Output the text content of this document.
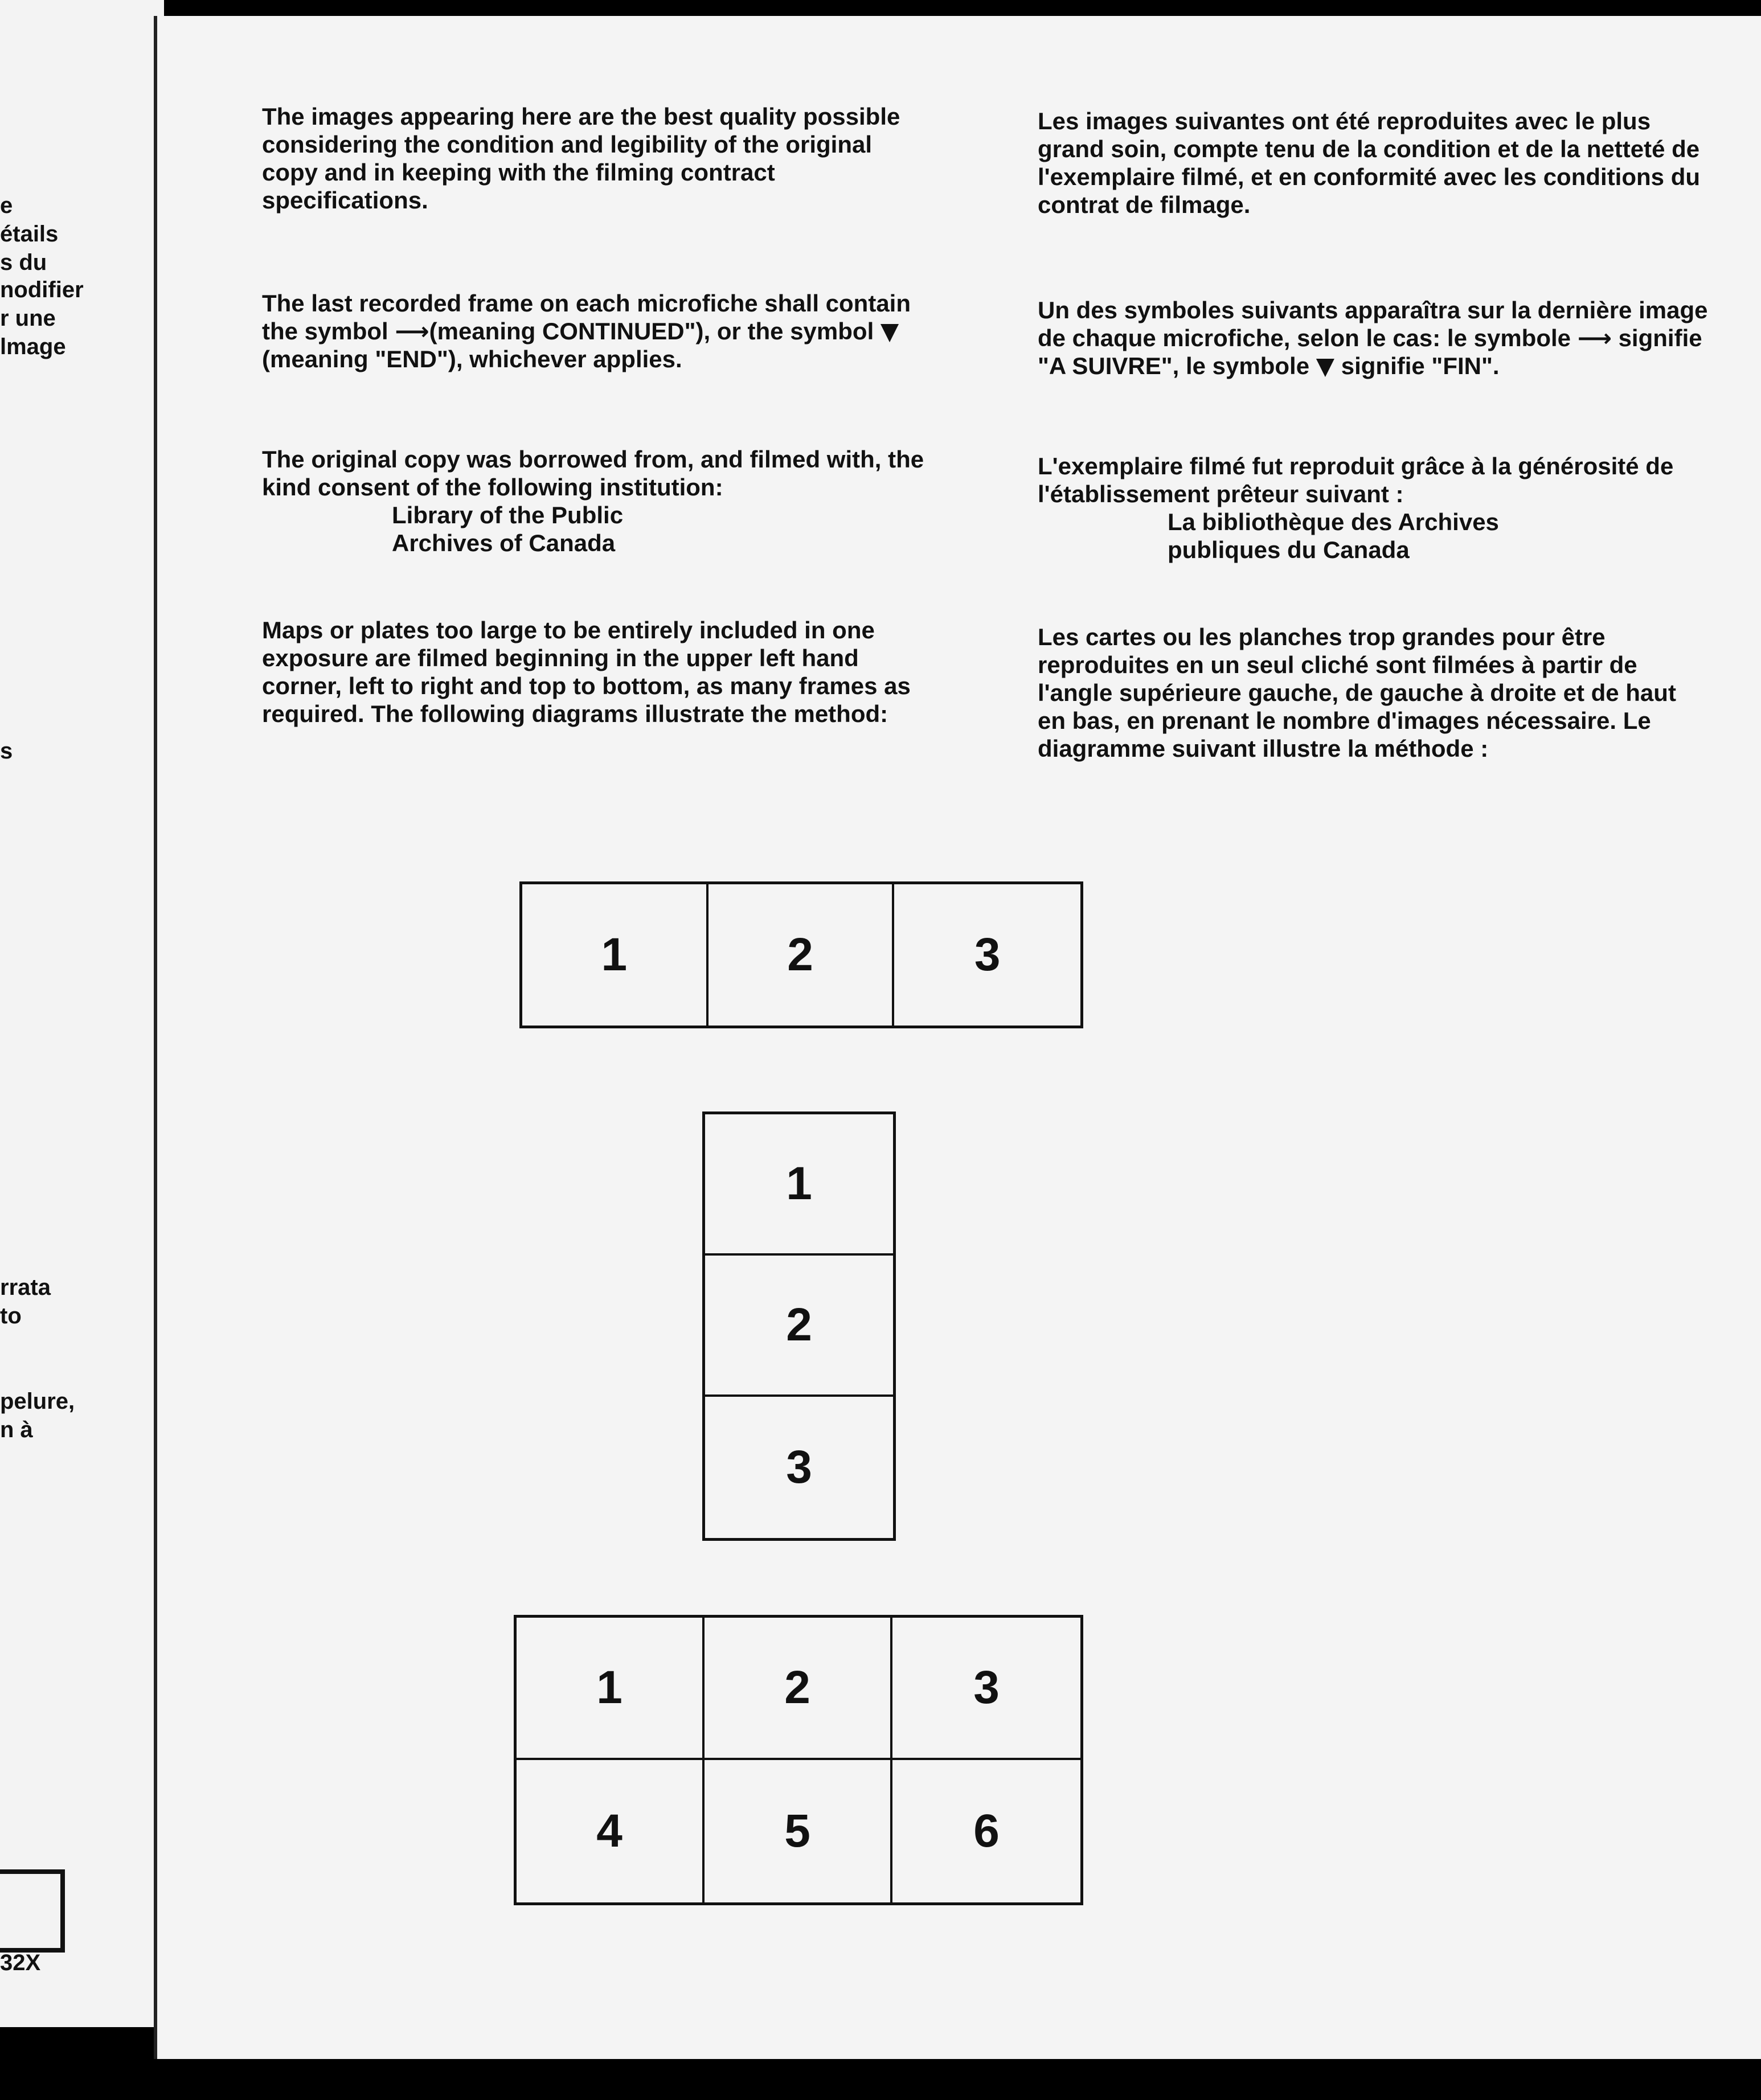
e
étails
s du
nodifier
r une
lmage
s
rrata
to
pelure,
n à
32X

The images appearing here are the best quality possible considering the condition and legibility of the original copy and in keeping with the filming contract specifications.

The last recorded frame on each microfiche shall contain the symbol ⟶(meaning CONTINUED"), or the symbol ▼ (meaning "END"), whichever applies.

The original copy was borrowed from, and filmed with, the kind consent of the following institution:

Library of the Public

Archives of Canada

Maps or plates too large to be entirely included in one exposure are filmed beginning in the upper left hand corner, left to right and top to bottom, as many frames as required. The following diagrams illustrate the method:

Les images suivantes ont été reproduites avec le plus grand soin, compte tenu de la condition et de la netteté de l'exemplaire filmé, et en conformité avec les conditions du contrat de filmage.

Un des symboles suivants apparaîtra sur la dernière image de chaque microfiche, selon le cas: le symbole ⟶ signifie "A SUIVRE", le symbole ▼ signifie "FIN".

L'exemplaire filmé fut reproduit grâce à la générosité de l'établissement prêteur suivant :

La bibliothèque des Archives

publiques du Canada

Les cartes ou les planches trop grandes pour être reproduites en un seul cliché sont filmées à partir de l'angle supérieure gauche, de gauche à droite et de haut en bas, en prenant le nombre d'images nécessaire. Le diagramme suivant illustre la méthode :

1	2	3
1
2
3
1	2	3
4	5	6
